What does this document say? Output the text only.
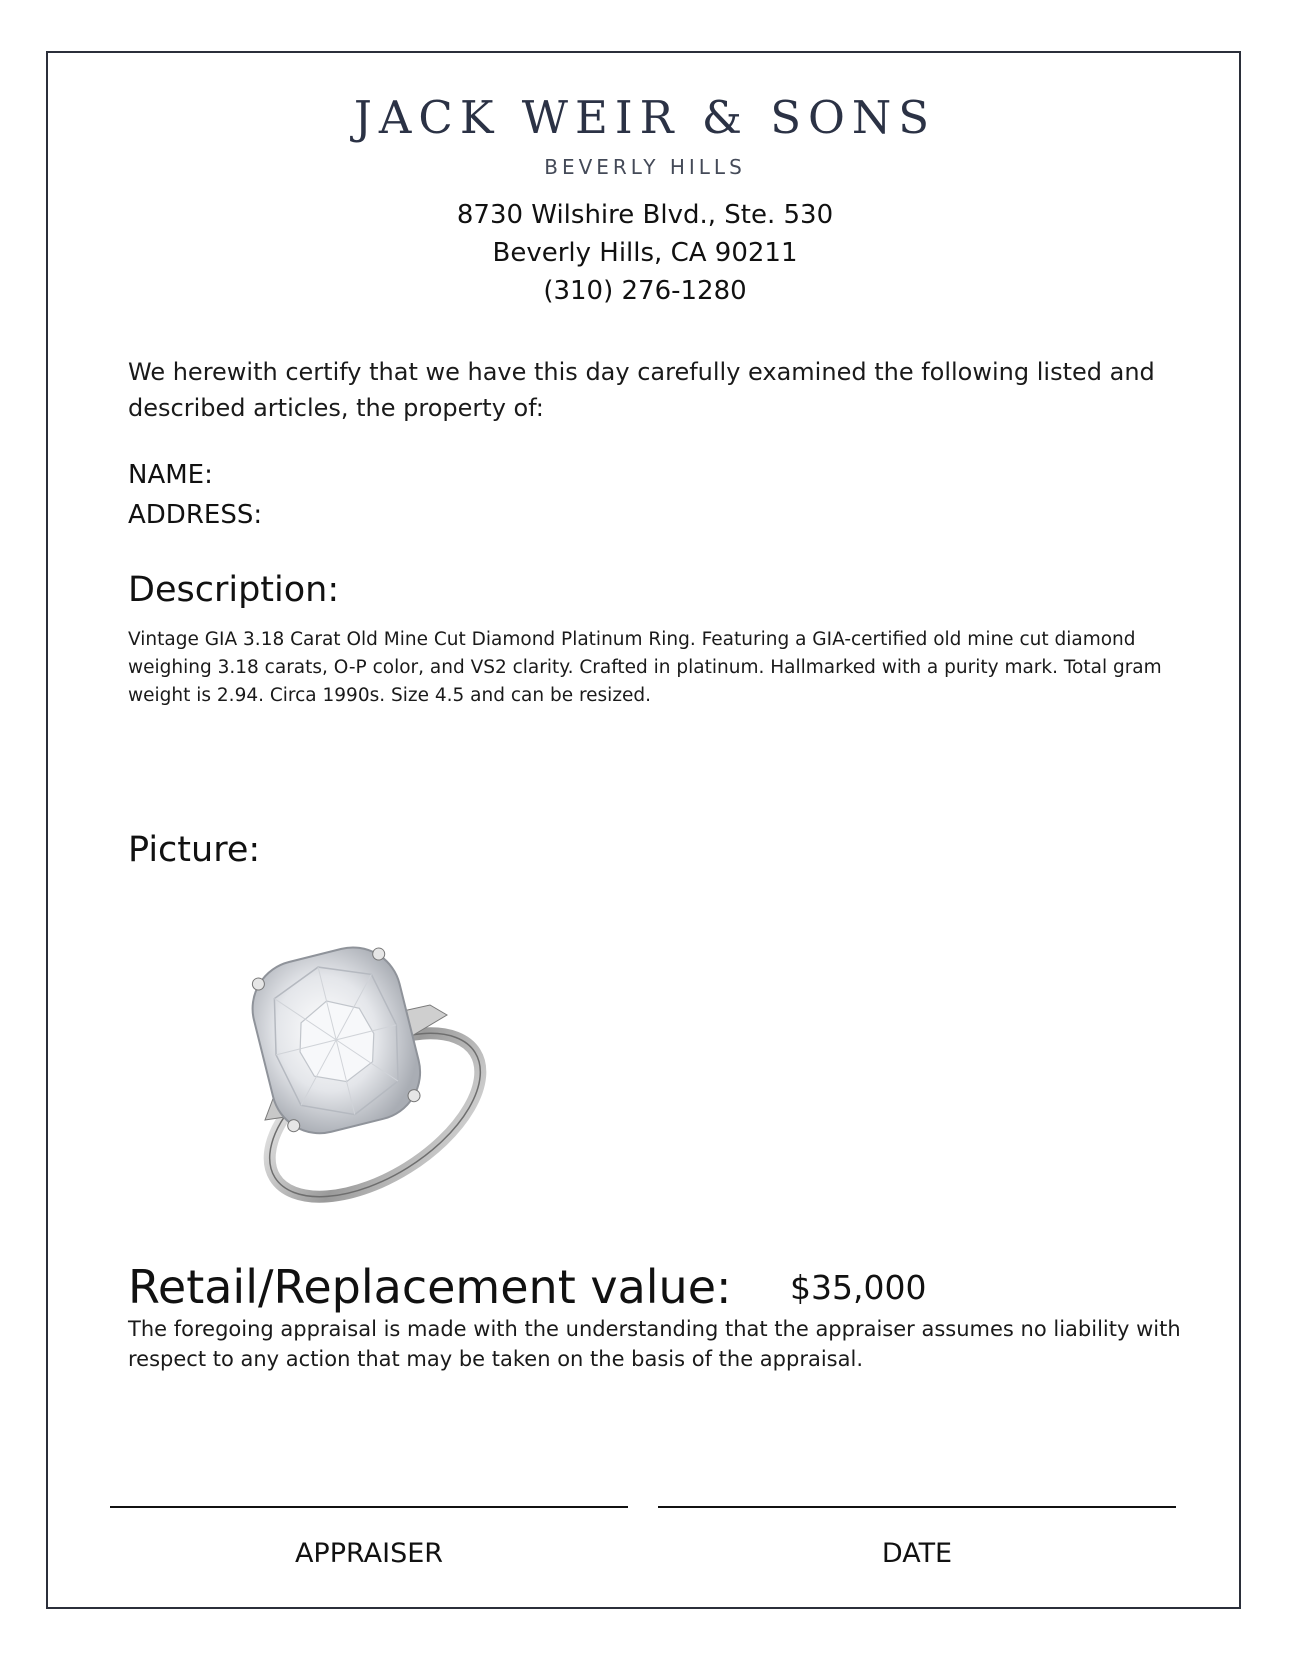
JACK WEIR & SONS
BEVERLY HILLS
8730 Wilshire Blvd., Ste. 530
Beverly Hills, CA 90211
(310) 276-1280
We herewith certify that we have this day carefully examined the following listed and described articles, the property of:
NAME:
ADDRESS:
Description:
Vintage GIA 3.18 Carat Old Mine Cut Diamond Platinum Ring. Featuring a GIA-certified old mine cut diamond weighing 3.18 carats, O-P color, and VS2 clarity. Crafted in platinum. Hallmarked with a purity mark. Total gram weight is 2.94. Circa 1990s. Size 4.5 and can be resized.
Picture:
Retail/Replacement value: $35,000
The foregoing appraisal is made with the understanding that the appraiser assumes no liability with respect to any action that may be taken on the basis of the appraisal.
APPRAISER	DATE
